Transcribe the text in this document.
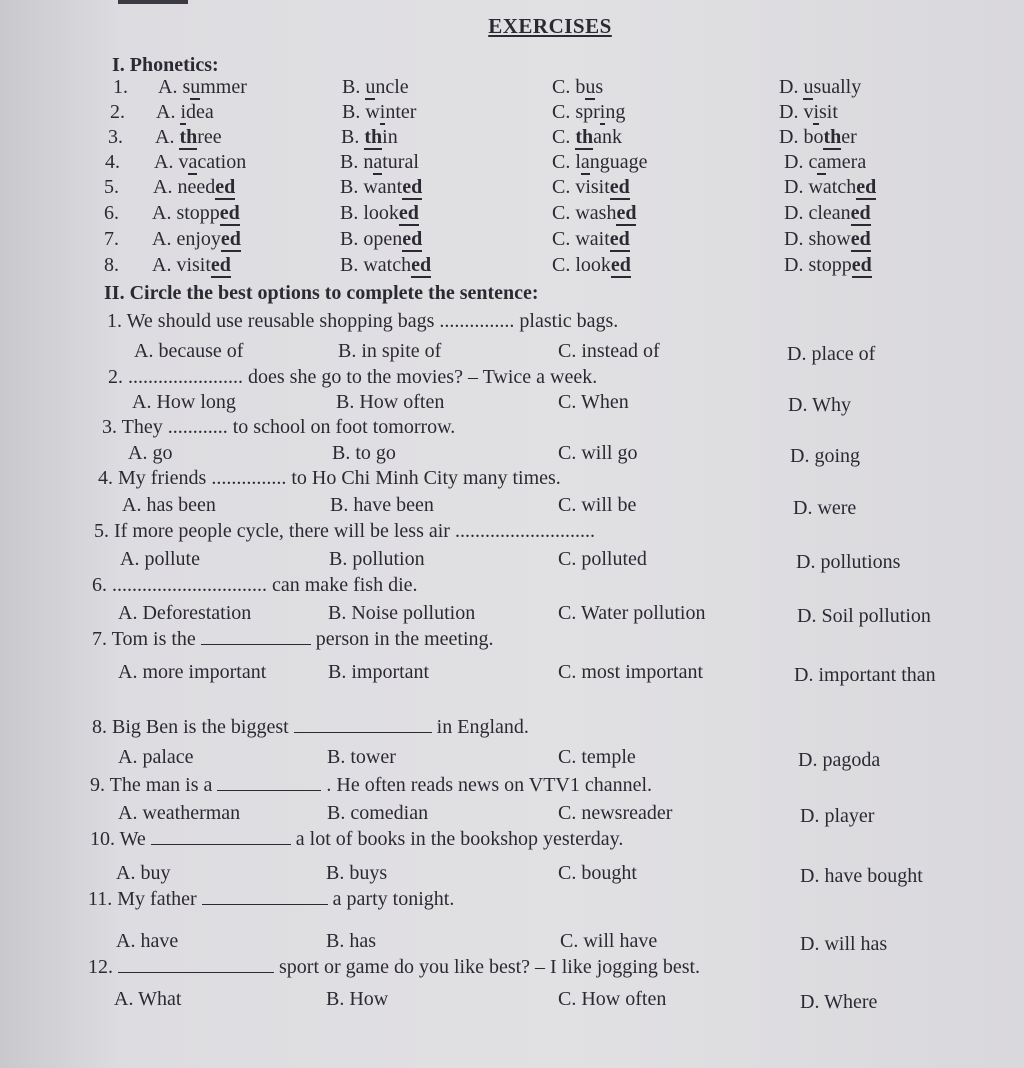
EXERCISES
I. Phonetics:
1. A. summer	B. uncle	C. bus	D. usually
2. A. idea	B. winter	C. spring	D. visit
3. A. three	B. thin	C. thank	D. bother
4. A. vacation	B. natural	C. language	D. camera
5. A. needed	B. wanted	C. visited	D. watched
6. A. stopped	B. looked	C. washed	D. cleaned
7. A. enjoyed	B. opened	C. waited	D. showed
8. A. visited	B. watched	C. looked	D. stopped
II. Circle the best options to complete the sentence:
1. We should use reusable shopping bags ............... plastic bags.
A. because of	B. in spite of	C. instead of	D. place of
2. ....................... does she go to the movies? – Twice a week.
A. How long	B. How often	C. When	D. Why
3. They ............ to school on foot tomorrow.
A. go	B. to go	C. will go	D. going
4. My friends ............... to Ho Chi Minh City many times.
A. has been	B. have been	C. will be	D. were
5. If more people cycle, there will be less air ............................
A. pollute	B. pollution	C. polluted	D. pollutions
6. ............................... can make fish die.
A. Deforestation	B. Noise pollution	C. Water pollution	D. Soil pollution
7. Tom is the	person in the meeting.
A. more important	B. important	C. most important	D. important than
8. Big Ben is the biggest	in England.
A. palace	B. tower	C. temple	D. pagoda
9. The man is a	. He often reads news on VTV1 channel.
A. weatherman	B. comedian	C. newsreader	D. player
10. We	a lot of books in the bookshop yesterday.
A. buy	B. buys	C. bought	D. have bought
11. My father	a party tonight.
A. have	B. has	C. will have	D. will has
12.	sport or game do you like best? – I like jogging best.
A. What	B. How	C. How often	D. Where
